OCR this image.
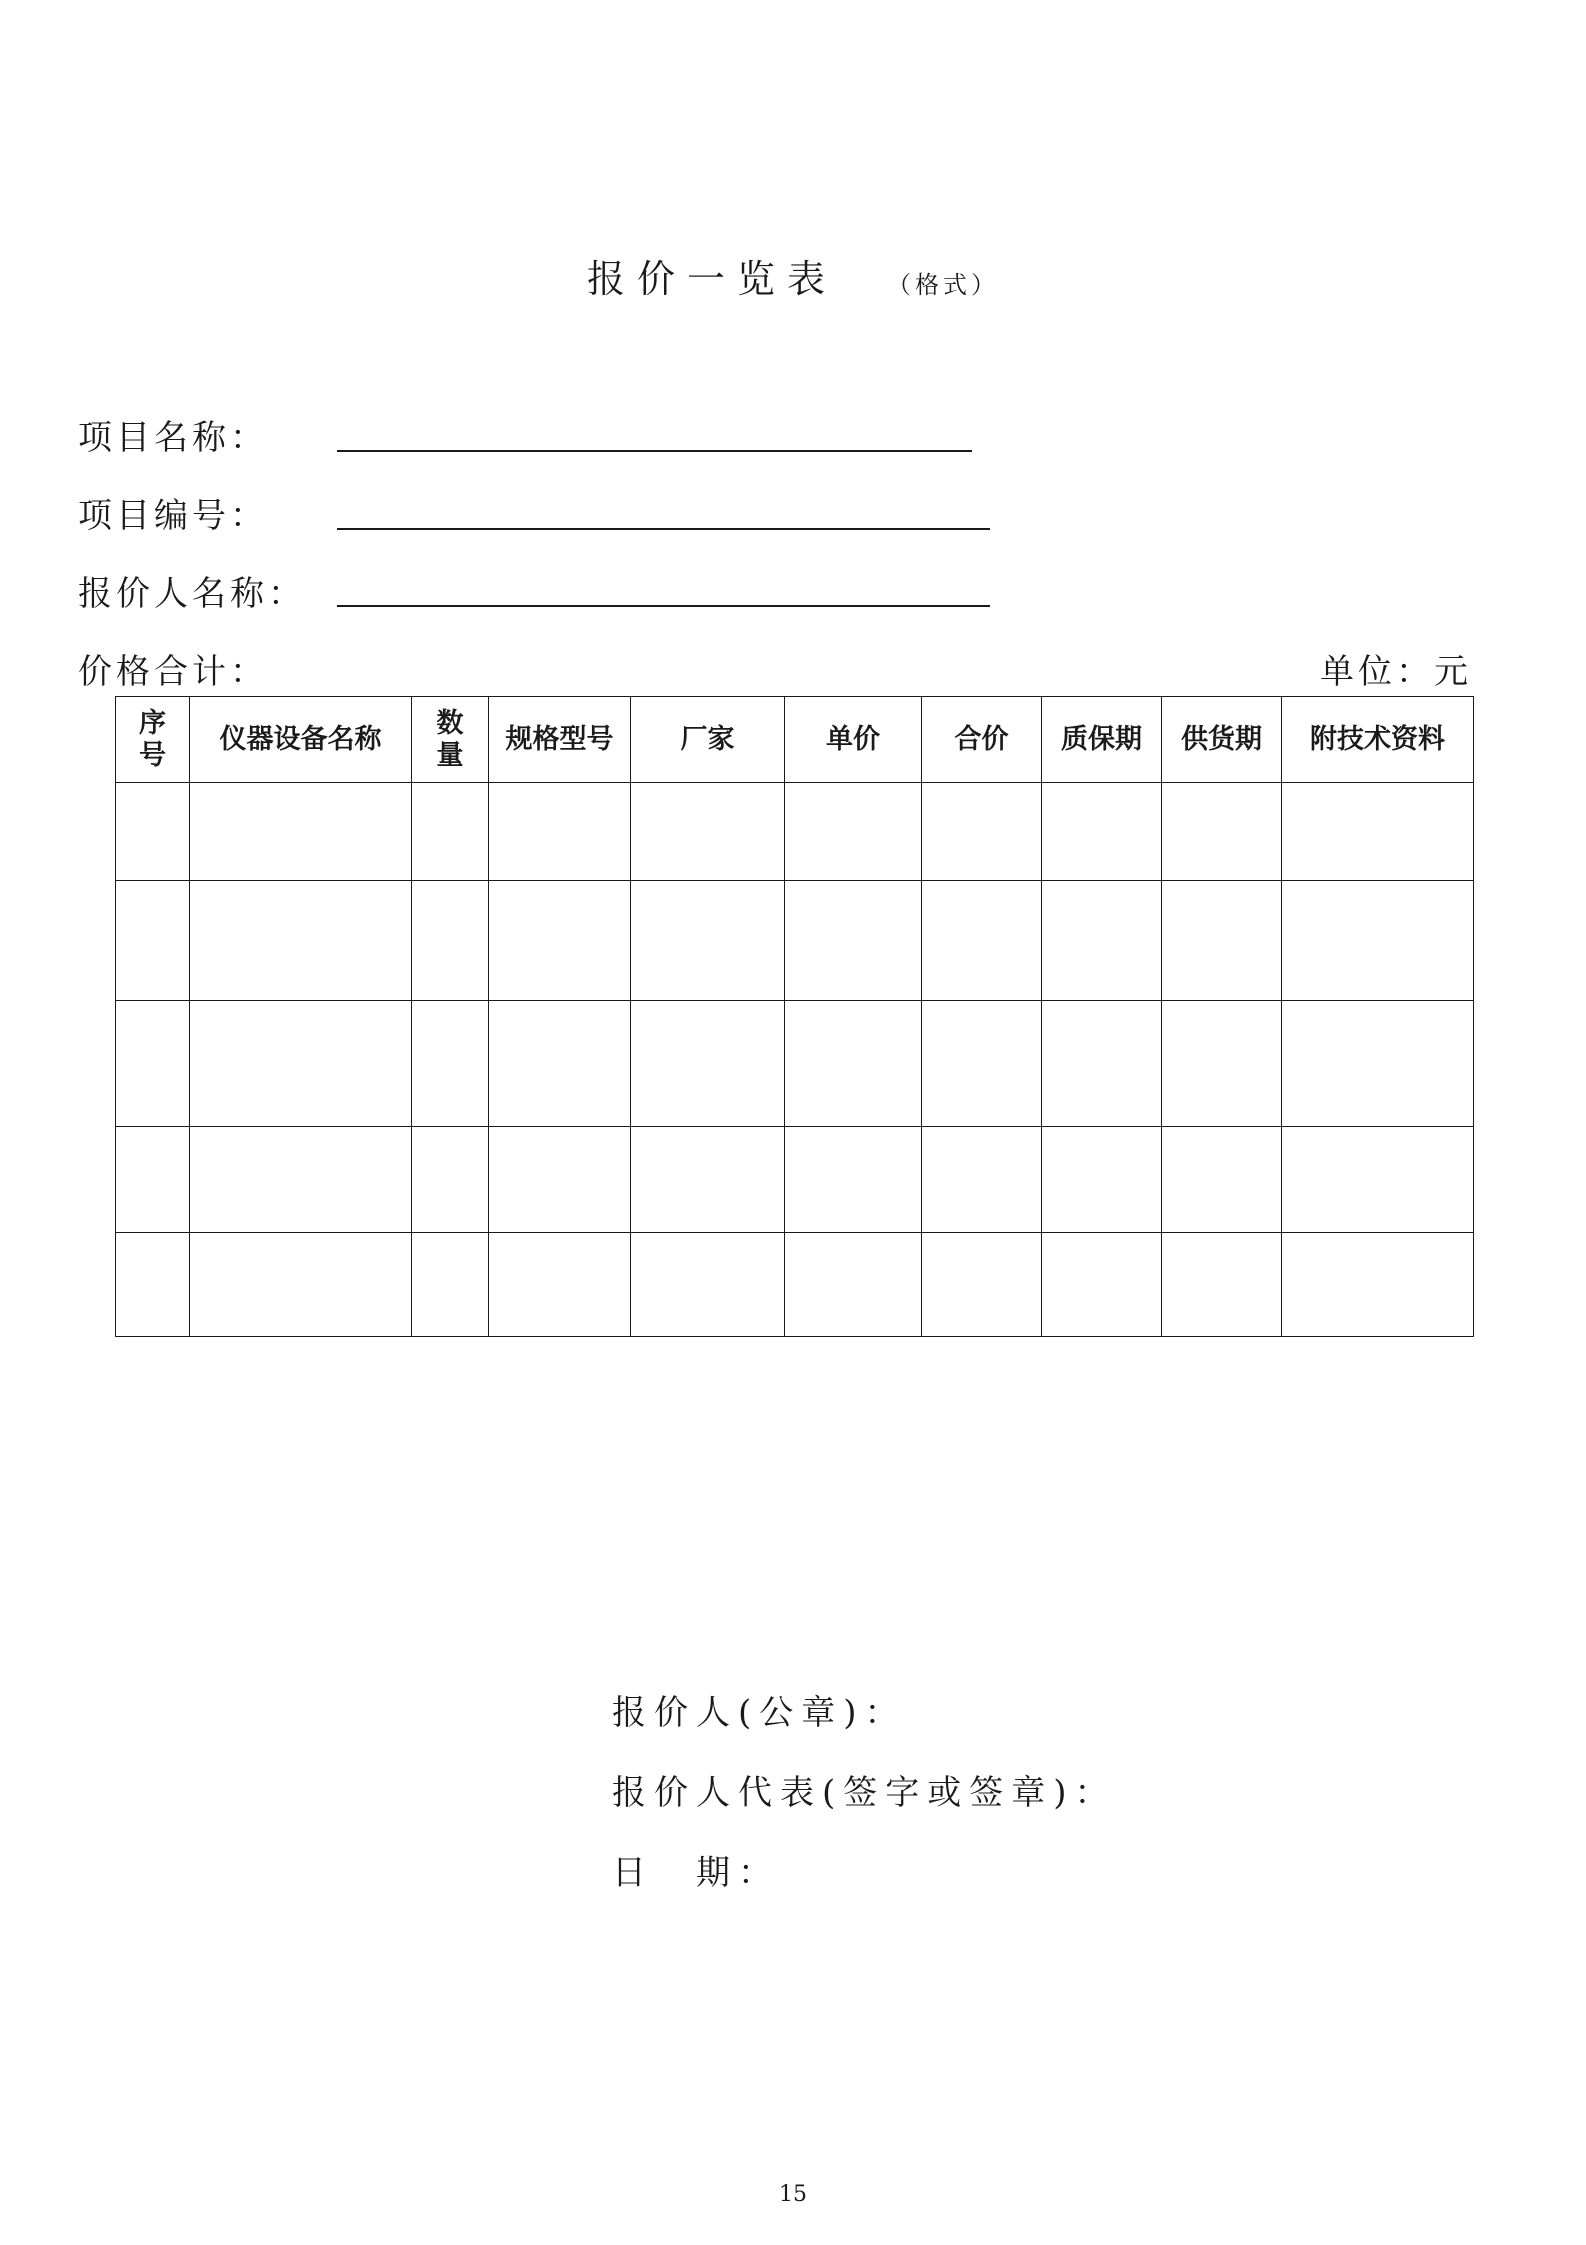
报价一览表 （格式）
项目名称：
项目编号：
报价人名称：
价格合计：	单位：元
序号	仪器设备名称	数量	规格型号	厂家	单价	合价	质保期	供货期	附技术资料

报价人(公章)：
报价人代表(签字或签章)：
日　期：
15
